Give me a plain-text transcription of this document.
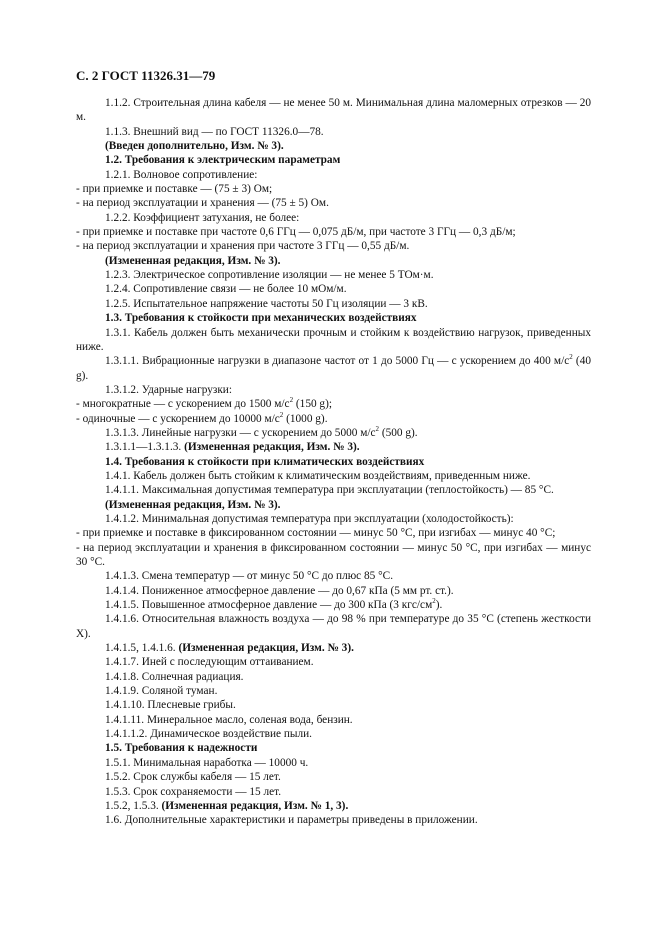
С. 2 ГОСТ 11326.31—79

1.1.2. Строительная длина кабеля — не менее 50 м. Минимальная длина маломерных отрезков — 20 м.

1.1.3. Внешний вид — по ГОСТ 11326.0—78.

(Введен дополнительно, Изм. № 3).

1.2. Требования к электрическим параметрам

1.2.1. Волновое сопротивление:

- при приемке и поставке — (75 ± 3) Ом;

- на период эксплуатации и хранения — (75 ± 5) Ом.

1.2.2. Коэффициент затухания, не более:

- при приемке и поставке при частоте 0,6 ГГц — 0,075 дБ/м, при частоте 3 ГГц — 0,3 дБ/м;

- на период эксплуатации и хранения при частоте 3 ГГц — 0,55 дБ/м.

(Измененная редакция, Изм. № 3).

1.2.3. Электрическое сопротивление изоляции — не менее 5 ТОм·м.

1.2.4. Сопротивление связи — не более 10 мОм/м.

1.2.5. Испытательное напряжение частоты 50 Гц изоляции — 3 кВ.

1.3. Требования к стойкости при механических воздействиях

1.3.1. Кабель должен быть механически прочным и стойким к воздействию нагрузок, приведенных ниже.

1.3.1.1. Вибрационные нагрузки в диапазоне частот от 1 до 5000 Гц — с ускорением до 400 $м/с^2$ (40 g).

1.3.1.2. Ударные нагрузки:

- многократные — с ускорением до 1500 $м/с^2$ (150 g);

- одиночные — с ускорением до 10000 $м/с^2$ (1000 g).

1.3.1.3. Линейные нагрузки — с ускорением до 5000 $м/с^2$ (500 g).

1.3.1.1—1.3.1.3. (Измененная редакция, Изм. № 3).

1.4. Требования к стойкости при климатических воздействиях

1.4.1. Кабель должен быть стойким к климатическим воздействиям, приведенным ниже.

1.4.1.1. Максимальная допустимая температура при эксплуатации (теплостойкость) — 85 °С.

(Измененная редакция, Изм. № 3).

1.4.1.2. Минимальная допустимая температура при эксплуатации (холодостойкость):

- при приемке и поставке в фиксированном состоянии — минус 50 °С, при изгибах — минус 40 °С;

- на период эксплуатации и хранения в фиксированном состоянии — минус 50 °С, при изгибах — минус 30 °С.

1.4.1.3. Смена температур — от минус 50 °С до плюс 85 °С.

1.4.1.4. Пониженное атмосферное давление — до 0,67 кПа (5 мм рт. ст.).

1.4.1.5. Повышенное атмосферное давление — до 300 кПа (3 кгс/$см^2$).

1.4.1.6. Относительная влажность воздуха — до 98 % при температуре до 35 °С (степень жесткости X).

1.4.1.5, 1.4.1.6. (Измененная редакция, Изм. № 3).

1.4.1.7. Иней с последующим оттаиванием.

1.4.1.8. Солнечная радиация.

1.4.1.9. Соляной туман.

1.4.1.10. Плесневые грибы.

1.4.1.11. Минеральное масло, соленая вода, бензин.

1.4.1.1.2. Динамическое воздействие пыли.

1.5. Требования к надежности

1.5.1. Минимальная наработка — 10000 ч.

1.5.2. Срок службы кабеля — 15 лет.

1.5.3. Срок сохраняемости — 15 лет.

1.5.2, 1.5.3. (Измененная редакция, Изм. № 1, 3).

1.6. Дополнительные характеристики и параметры приведены в приложении.
